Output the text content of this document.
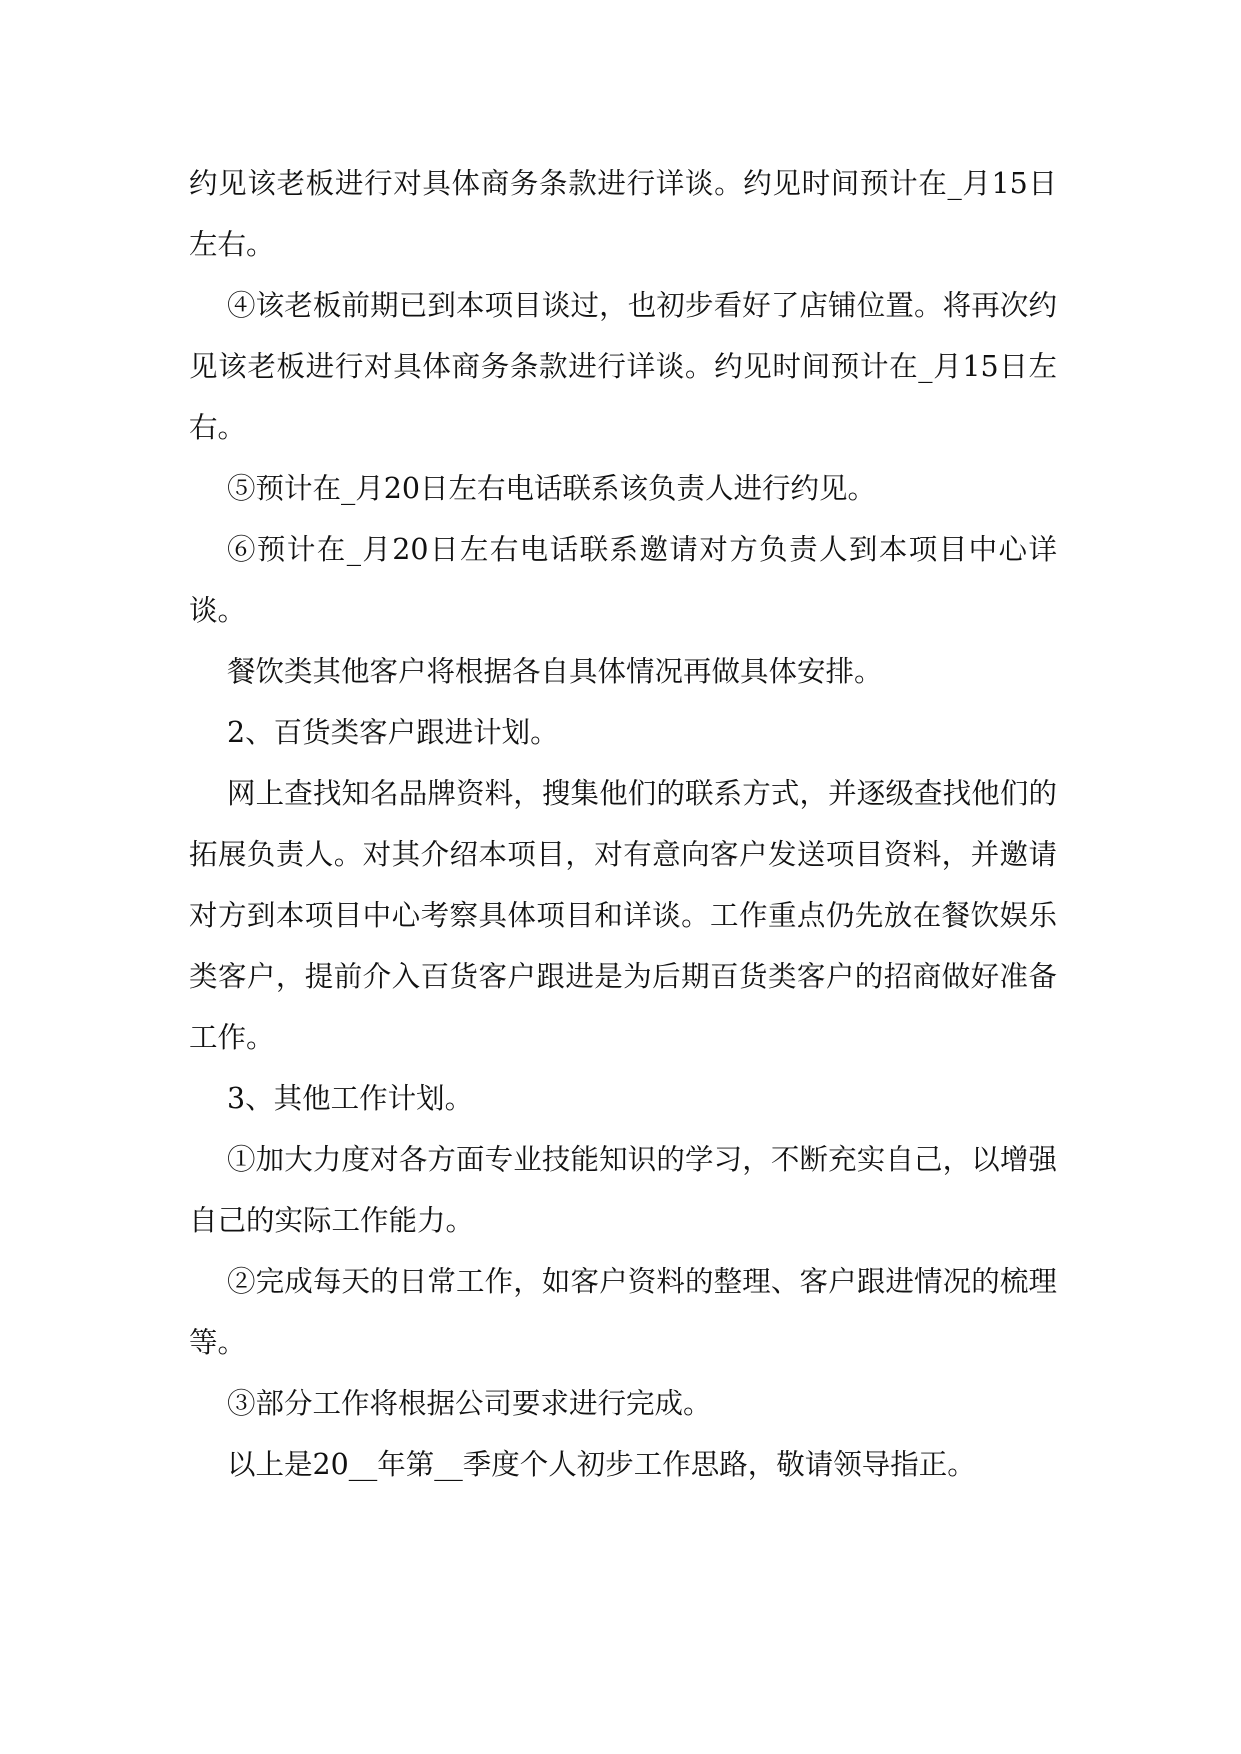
约见该老板进行对具体商务条款进行详谈。约见时间预计在_月15日左右。

④该老板前期已到本项目谈过，也初步看好了店铺位置。将再次约见该老板进行对具体商务条款进行详谈。约见时间预计在_月15日左右。

⑤预计在_月20日左右电话联系该负责人进行约见。

⑥预计在_月20日左右电话联系邀请对方负责人到本项目中心详谈。

餐饮类其他客户将根据各自具体情况再做具体安排。

2、百货类客户跟进计划。

网上查找知名品牌资料，搜集他们的联系方式，并逐级查找他们的拓展负责人。对其介绍本项目，对有意向客户发送项目资料，并邀请对方到本项目中心考察具体项目和详谈。工作重点仍先放在餐饮娱乐类客户，提前介入百货客户跟进是为后期百货类客户的招商做好准备工作。

3、其他工作计划。

①加大力度对各方面专业技能知识的学习，不断充实自己，以增强自己的实际工作能力。

②完成每天的日常工作，如客户资料的整理、客户跟进情况的梳理等。

③部分工作将根据公司要求进行完成。

以上是20__年第__季度个人初步工作思路，敬请领导指正。
